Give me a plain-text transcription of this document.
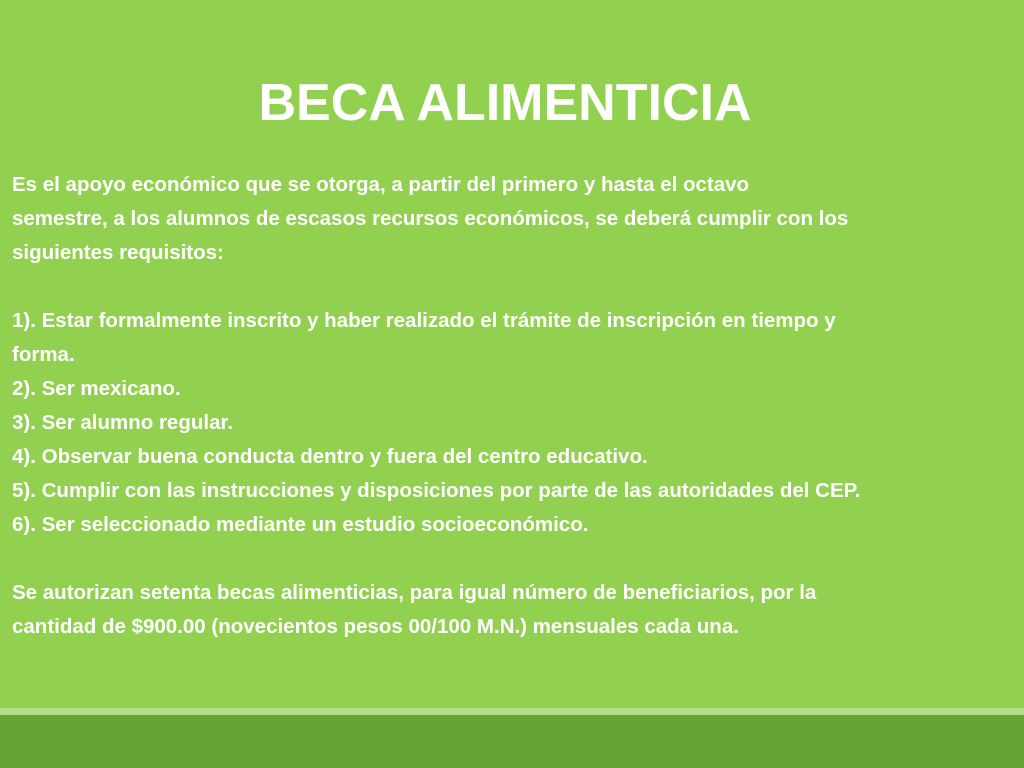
BECA ALIMENTICIA

Es el apoyo económico que se otorga, a partir del primero y hasta el octavo

semestre, a los alumnos de escasos recursos económicos, se deberá cumplir con los

siguientes requisitos:

1). Estar formalmente inscrito y haber realizado el trámite de inscripción en tiempo y

forma.

2). Ser mexicano.

3). Ser alumno regular.

4). Observar buena conducta dentro y fuera del centro educativo.

5). Cumplir con las instrucciones y disposiciones por parte de las autoridades del CEP.

6). Ser seleccionado mediante un estudio socioeconómico.

Se autorizan setenta becas alimenticias, para igual número de beneficiarios, por la

cantidad de $900.00 (novecientos pesos 00/100 M.N.) mensuales cada una.
